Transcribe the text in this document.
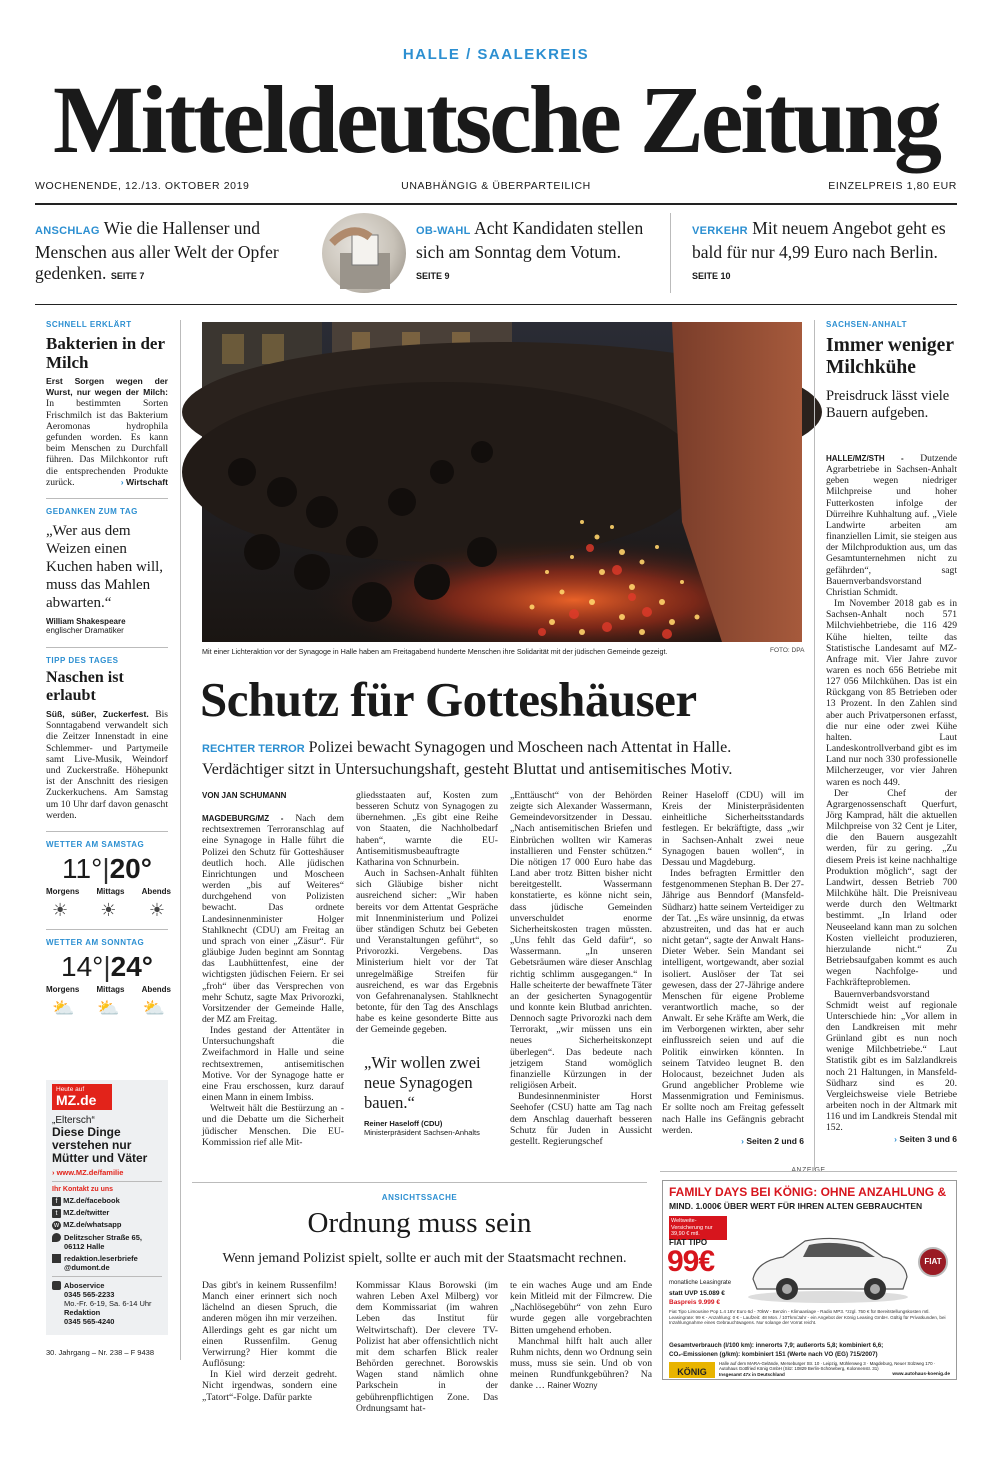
HALLE / SAALEKREIS
Mitteldeutsche Zeitung
WOCHENENDE, 12./13. OKTOBER 2019	UNABHÄNGIG & ÜBERPARTEILICH	EINZELPREIS 1,80 EUR
ANSCHLAG Wie die Hallenser und Menschen aus aller Welt der Opfer gedenken. SEITE 7
OB-WAHL Acht Kandidaten stellen sich am Sonntag dem Votum. SEITE 9
VERKEHR Mit neuem Angebot geht es bald für nur 4,99 Euro nach Berlin. SEITE 10
SCHNELL ERKLÄRT
Bakterien in der Milch
Erst Sorgen wegen der Wurst, nur wegen der Milch: In bestimmten Sorten Frischmilch ist das Bakterium Aeromonas hydrophila gefunden worden. Es kann beim Menschen zu Durchfall führen. Das Milchkontor ruft die entsprechenden Produkte zurück.	› Wirtschaft
GEDANKEN ZUM TAG
„Wer aus dem Weizen einen Kuchen haben will, muss das Mahlen abwarten.“
William Shakespeare
englischer Dramatiker
TIPP DES TAGES
Naschen ist erlaubt
Süß, süßer, Zuckerfest. Bis Sonntagabend verwandelt sich die Zeitzer Innenstadt in eine Schlemmer- und Partymeile samt Live-Musik, Weindorf und Zuckerstraße. Höhepunkt ist der Anschnitt des riesigen Zuckerkuchens. Am Samstag um 10 Uhr darf davon genascht werden.
WETTER AM SAMSTAG
11°|20°
Morgens Mittags Abends
☀ ☀ ☀
WETTER AM SONNTAG
14°|24°
Morgens Mittags Abends
⛅ ⛅ ⛅
Heute auf
MZ.de
„Eltersch“
Diese Dinge verstehen nur Mütter und Väter
› www.MZ.de/familie
Ihr Kontakt zu uns
f MZ.de/facebook
t MZ.de/twitter
w MZ.de/whatsapp
Delitzscher Straße 65, 06112 Halle
redaktion.leserbriefe @dumont.de
Aboservice
0345 565-2233
Mo.-Fr. 6-19, Sa. 6-14 Uhr
Redaktion
0345 565-4240
30. Jahrgang – Nr. 238 – F 9438
Mit einer Lichteraktion vor der Synagoge in Halle haben am Freitagabend hunderte Menschen ihre Solidarität mit der jüdischen Gemeinde gezeigt.	FOTO: DPA
Schutz für Gotteshäuser
RECHTER TERROR Polizei bewacht Synagogen und Moscheen nach Attentat in Halle. Verdächtiger sitzt in Untersuchungshaft, gesteht Bluttat und antisemitisches Motiv.

VON JAN SCHUMANN

MAGDEBURG/MZ - Nach dem rechtsextremen Terroranschlag auf eine Synagoge in Halle führt die Polizei den Schutz für Gotteshäuser deutlich hoch. Alle jüdischen Einrichtungen und Moscheen werden „bis auf Weiteres“ durchgehend von Polizisten bewacht. Das ordnete Landesinnenminister Holger Stahlknecht (CDU) am Freitag an und sprach von einer „Zäsur“. Für gläubige Juden beginnt am Sonntag das Laubhüttenfest, eine der wichtigsten jüdischen Feiern. Er sei „froh“ über das Versprechen von mehr Schutz, sagte Max Privorozki, Vorsitzender der Gemeinde Halle, der MZ am Freitag.

Indes gestand der Attentäter in Untersuchungshaft die Zweifachmord in Halle und seine rechtsextremen, antisemitischen Motive. Vor der Synagoge hatte er eine Frau erschossen, kurz darauf einen Mann in einem Imbiss.

Weltweit hält die Bestürzung an - und die Debatte um die Sicherheit jüdischer Menschen. Die EU-Kommission rief alle Mit-

gliedsstaaten auf, Kosten zum besseren Schutz von Synagogen zu übernehmen. „Es gibt eine Reihe von Staaten, die Nachholbedarf haben“, warnte die EU-Antisemitismusbeauftragte Katharina von Schnurbein.

Auch in Sachsen-Anhalt fühlten sich Gläubige bisher nicht ausreichend sicher: „Wir haben bereits vor dem Attentat Gespräche mit Innenministerium und Polizei über ständigen Schutz bei Gebeten und Veranstaltungen geführt“, so Privorozki. Vergebens. Das Ministerium hielt vor der Tat unregelmäßige Streifen für ausreichend, es war das Ergebnis von Gefahrenanalysen. Stahlknecht betonte, für den Tag des Anschlags habe es keine gesonderte Bitte aus der Gemeinde gegeben.

„Wir wollen zwei neue Synagogen bauen.“
Reiner Haseloff (CDU)
Ministerpräsident Sachsen-Anhalts

„Enttäuscht“ von der Behörden zeigte sich Alexander Wassermann, Gemeindevorsitzender in Dessau. „Nach antisemitischen Briefen und Einbrüchen wollten wir Kameras installieren und Fenster schützen.“ Die nötigen 17 000 Euro habe das Land aber trotz Bitten bisher nicht bereitgestellt. Wassermann konstatierte, es könne nicht sein, dass jüdische Gemeinden unverschuldet enorme Sicherheitskosten tragen müssten. „Uns fehlt das Geld dafür“, so Wassermann. „In unseren Gebetsräumen wäre dieser Anschlag richtig schlimm ausgegangen.“ In Halle scheiterte der bewaffnete Täter an der gesicherten Synagogentür und konnte kein Blutbad anrichten. Dennoch sagte Privorozki nach dem Terrorakt, „wir müssen uns ein neues Sicherheitskonzept überlegen“. Das bedeute nach jetzigem Stand womöglich finanzielle Kürzungen in der religiösen Arbeit.

Bundesinnenminister Horst Seehofer (CSU) hatte am Tag nach dem Anschlag dauerhaft besseren Schutz für Juden in Aussicht gestellt. Regierungschef

Reiner Haseloff (CDU) will im Kreis der Ministerpräsidenten einheitliche Sicherheitsstandards festlegen. Er bekräftigte, dass „wir in Sachsen-Anhalt zwei neue Synagogen bauen wollen“, in Dessau und Magdeburg.

Indes befragten Ermittler den festgenommenen Stephan B. Der 27-Jährige aus Benndorf (Mansfeld-Südharz) hatte seinem Verteidiger zu der Tat. „Es wäre unsinnig, da etwas abzustreiten, und das hat er auch nicht getan“, sagte der Anwalt Hans-Dieter Weber. Sein Mandant sei intelligent, wortgewandt, aber sozial isoliert. Auslöser der Tat sei gewesen, dass der 27-Jährige andere Menschen für eigene Probleme verantwortlich mache, so der Anwalt. Er sehe Kräfte am Werk, die im Verborgenen wirkten, aber sehr einflussreich seien und auf die Politik einwirken könnten. In seinem Tatvideo leugnet B. den Holocaust, bezeichnet Juden als Grund angeblicher Probleme wie Massenmigration und Feminismus. Er sollte noch am Freitag gefesselt nach Halle ins Gefängnis gebracht werden.

› Seiten 2 und 6

SACHSEN-ANHALT
Immer weniger Milchkühe
Preisdruck lässt viele Bauern aufgeben.

HALLE/MZ/STH - Dutzende Agrarbetriebe in Sachsen-Anhalt geben wegen niedriger Milchpreise und hoher Futterkosten infolge der Dürreihre Kuhhaltung auf. „Viele Landwirte arbeiten am finanziellen Limit, sie steigen aus der Milchproduktion aus, um das Gesamtunternehmen nicht zu gefährden“, sagt Bauernverbandsvorstand Christian Schmidt.

Im November 2018 gab es in Sachsen-Anhalt noch 571 Milchviehbetriebe, die 116 429 Kühe hielten, teilte das Statistische Landesamt auf MZ-Anfrage mit. Vier Jahre zuvor waren es noch 656 Betriebe mit 127 056 Milchkühen. Das ist ein Rückgang von 85 Betrieben oder 13 Prozent. In den Zahlen sind aber auch Privatpersonen erfasst, die nur eine oder zwei Kühe halten. Laut Landeskontrollverband gibt es im Land nur noch 330 professionelle Milcherzeuger, vor vier Jahren waren es noch 449.

Der Chef der Agrargenossenschaft Querfurt, Jörg Kamprad, hält die aktuellen Milchpreise von 32 Cent je Liter, die den Bauern ausgezahlt werden, für zu gering. „Zu diesem Preis ist keine nachhaltige Produktion möglich“, sagt der Landwirt, dessen Betrieb 700 Milchkühe hält. Die Preisniveau werde durch den Weltmarkt bestimmt. „In Irland oder Neuseeland kann man zu solchen Kosten vielleicht produzieren, hierzulande nicht.“ Zu Betriebsaufgaben kommt es auch wegen Nachfolge- und Fachkräfteproblemen.

Bauernverbandsvorstand Schmidt weist auf regionale Unterschiede hin: „Vor allem in den Landkreisen mit mehr Grünland gibt es nun noch wenige Milchbetriebe.“ Laut Statistik gibt es im Salzlandkreis noch 21 Haltungen, in Mansfeld-Südharz sind es 20. Vergleichsweise viele Betriebe arbeiten noch in der Altmark mit 116 und im Landkreis Stendal mit 152.

› Seiten 3 und 6

ANSICHTSSACHE
Ordnung muss sein
Wenn jemand Polizist spielt, sollte er auch mit der Staatsmacht rechnen.

Das gibt's in keinem Russenfilm! Manch einer erinnert sich noch lächelnd an diesen Spruch, die anderen mögen ihn mir verzeihen. Allerdings geht es gar nicht um einen Russenfilm. Genug Verwirrung? Hier kommt die Auflösung:

In Kiel wird derzeit gedreht. Nicht irgendwas, sondern eine „Tatort“-Folge. Dafür parkte

Kommissar Klaus Borowski (im wahren Leben Axel Milberg) vor dem Kommissariat (im wahren Leben das Institut für Weltwirtschaft). Der clevere TV-Polizist hat aber offensichtlich nicht mit dem scharfen Blick realer Behörden gerechnet. Borowskis Wagen stand nämlich ohne Parkschein in der gebührenpflichtigen Zone. Das Ordnungsamt hat-

te ein waches Auge und am Ende kein Mitleid mit der Filmcrew. Die „Nachlösegebühr“ von zehn Euro wurde gegen alle vorgebrachten Bitten umgehend erhoben.

Manchmal hilft halt auch aller Ruhm nichts, denn wo Ordnung sein muss, muss sie sein. Und ob von meinen Rundfunkgebühren? Na danke … Rainer Wozny

FAMILY DAYS BEI KÖNIG: OHNE ANZAHLUNG &
MIND. 1.000€ ÜBER WERT FÜR IHREN ALTEN GEBRAUCHTEN
Weltweite-Versicherung nur 39,90 € mtl.
FIAT TIPO
99€
monatliche Leasingrate
statt UVP 15.089 €
Baspreis 9.999 €
FIAT
Fiat Tipo Limousine Pop 1.4 16V Euro 6d - 70kW - Benzin - Klimaanlage - Radio MP3. *zzgl. 750 € für Bereitstellungskosten mtl. Leasingrate: 99 € - Anzahlung: 0 € - Laufzeit: 48 Mon. / 10Tkm/Jahr - ein Angebot der König Leasing GmbH. Gültig für Privatkunden, bei Inzahlungnahme eines Gebrauchtwagens. Nur solange der Vorrat reicht.
Gesamtverbrauch (l/100 km): innerorts 7,9; außerorts 5,8; kombiniert 6,6;
CO₂-Emissionen (g/km): kombiniert 151 (Werte nach VO (EG) 715/2007)
KÖNIG
Halle auf dem MARA-Gelände, Merseburger Str. 10 · Leipzig, Mühlenweg 3 · Magdeburg, Neuer Sülzweg 170 · Autohaus Gottfried König GmbH (Sitz: 10829 Berlin-Schöneberg, Kolonnenstr. 31)
Insgesamt 47x in Deutschland	www.autohaus-koenig.de
